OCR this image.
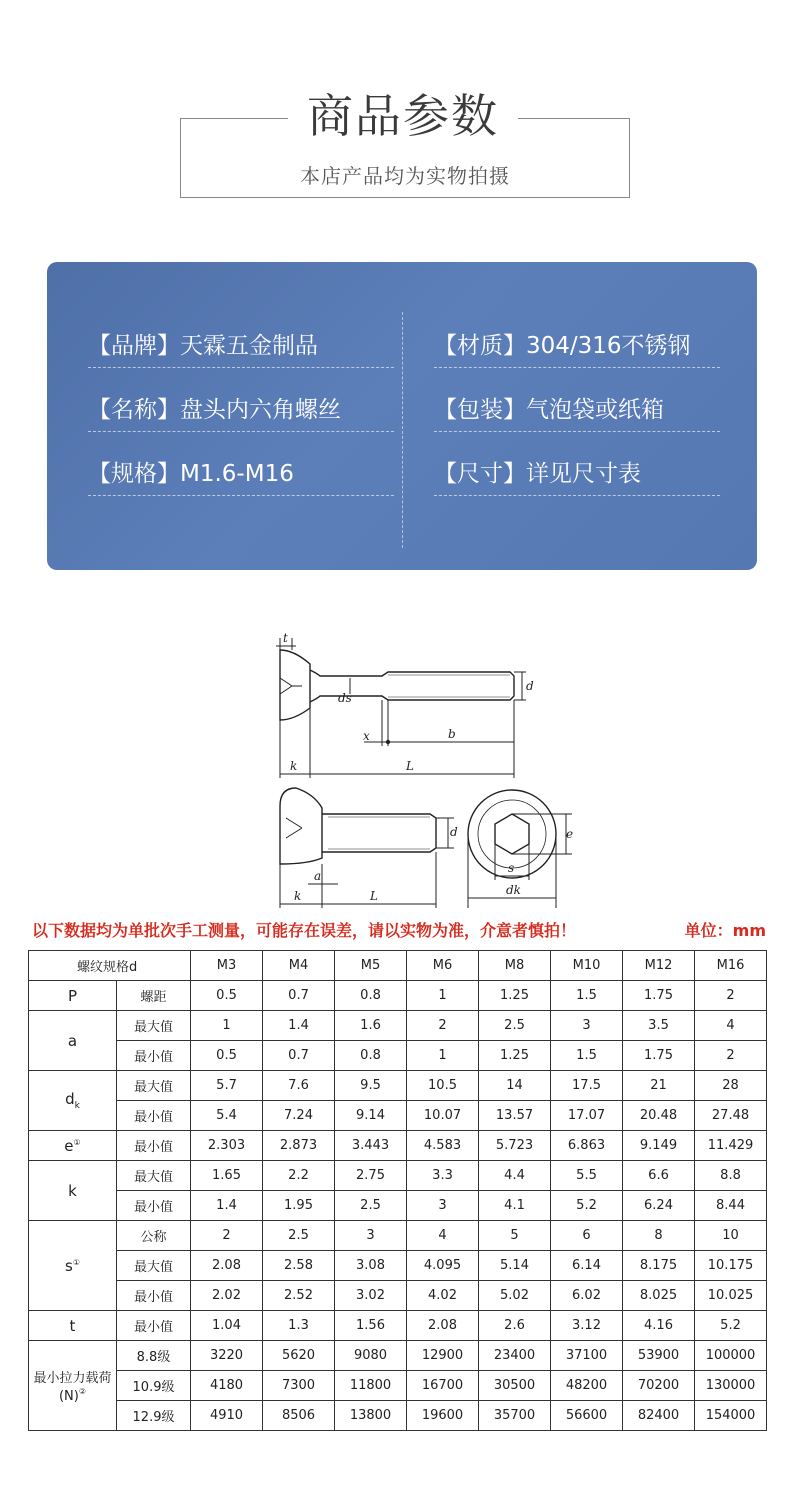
商品参数
本店产品均为实物拍摄
【品牌】天霖五金制品	【材质】304/316不锈钢
【名称】盘头内六角螺丝	【包装】气泡袋或纸箱
【规格】M1.6-M16	【尺寸】详见尺寸表
t
ds
d
x	b
k	L
d
a
k	L
e
s
dk
以下数据均为单批次手工测量，可能存在误差，请以实物为准，介意者慎拍！	单位：mm
螺纹规格d		M3	M4	M5	M6	M8	M10	M12	M16
P	螺距	0.5	0.7	0.8	1	1.25	1.5	1.75	2
a	最大值	1	1.4	1.6	2	2.5	3	3.5	4
	最小值	0.5	0.7	0.8	1	1.25	1.5	1.75	2
$d_k$	最大值	5.7	7.6	9.5	10.5	14	17.5	21	28
	最小值	5.4	7.24	9.14	10.07	13.57	17.07	20.48	27.48
e①	最小值	2.303	2.873	3.443	4.583	5.723	6.863	9.149	11.429
k	最大值	1.65	2.2	2.75	3.3	4.4	5.5	6.6	8.8
	最小值	1.4	1.95	2.5	3	4.1	5.2	6.24	8.44
s①	公称	2	2.5	3	4	5	6	8	10
	最大值	2.08	2.58	3.08	4.095	5.14	6.14	8.175	10.175
	最小值	2.02	2.52	3.02	4.02	5.02	6.02	8.025	10.025
t	最小值	1.04	1.3	1.56	2.08	2.6	3.12	4.16	5.2
最小拉力载荷(N)②	8.8级	3220	5620	9080	12900	23400	37100	53900	100000
	10.9级	4180	7300	11800	16700	30500	48200	70200	130000
	12.9级	4910	8506	13800	19600	35700	56600	82400	154000
